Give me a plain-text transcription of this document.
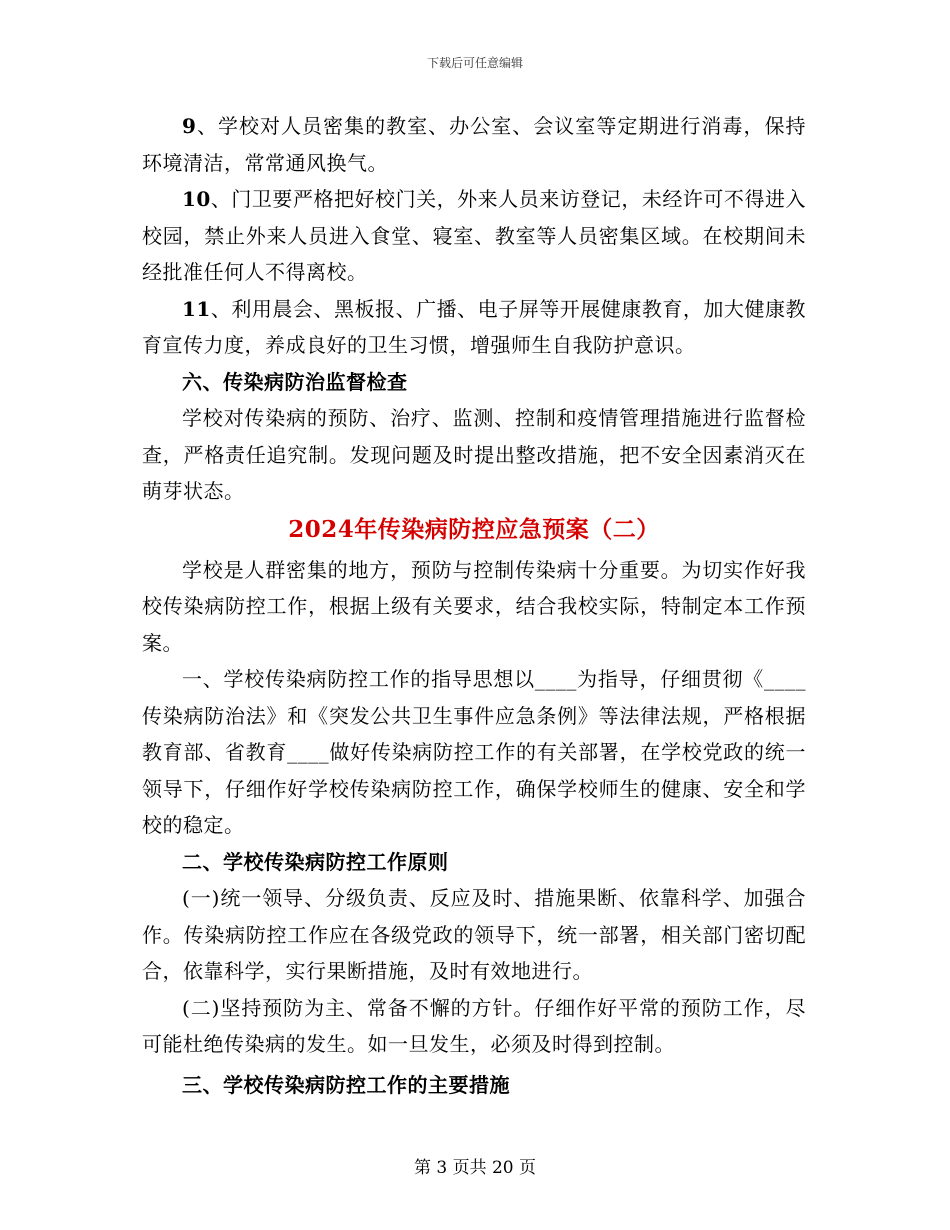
下载后可任意编辑

9、学校对人员密集的教室、办公室、会议室等定期进行消毒，保持环境清洁，常常通风换气。

10、门卫要严格把好校门关，外来人员来访登记，未经许可不得进入校园，禁止外来人员进入食堂、寝室、教室等人员密集区域。在校期间未经批准任何人不得离校。

11、利用晨会、黑板报、广播、电子屏等开展健康教育，加大健康教育宣传力度，养成良好的卫生习惯，增强师生自我防护意识。

六、传染病防治监督检查

学校对传染病的预防、治疗、监测、控制和疫情管理措施进行监督检查，严格责任追究制。发现问题及时提出整改措施，把不安全因素消灭在萌芽状态。

2024年传染病防控应急预案（二）

学校是人群密集的地方，预防与控制传染病十分重要。为切实作好我校传染病防控工作，根据上级有关要求，结合我校实际，特制定本工作预案。

一、学校传染病防控工作的指导思想以____为指导，仔细贯彻《____传染病防治法》和《突发公共卫生事件应急条例》等法律法规，严格根据教育部、省教育____做好传染病防控工作的有关部署，在学校党政的统一领导下，仔细作好学校传染病防控工作，确保学校师生的健康、安全和学校的稳定。

二、学校传染病防控工作原则

(一)统一领导、分级负责、反应及时、措施果断、依靠科学、加强合作。传染病防控工作应在各级党政的领导下，统一部署，相关部门密切配合，依靠科学，实行果断措施，及时有效地进行。

(二)坚持预防为主、常备不懈的方针。仔细作好平常的预防工作，尽可能杜绝传染病的发生。如一旦发生，必须及时得到控制。

三、学校传染病防控工作的主要措施

第 3 页共 20 页
